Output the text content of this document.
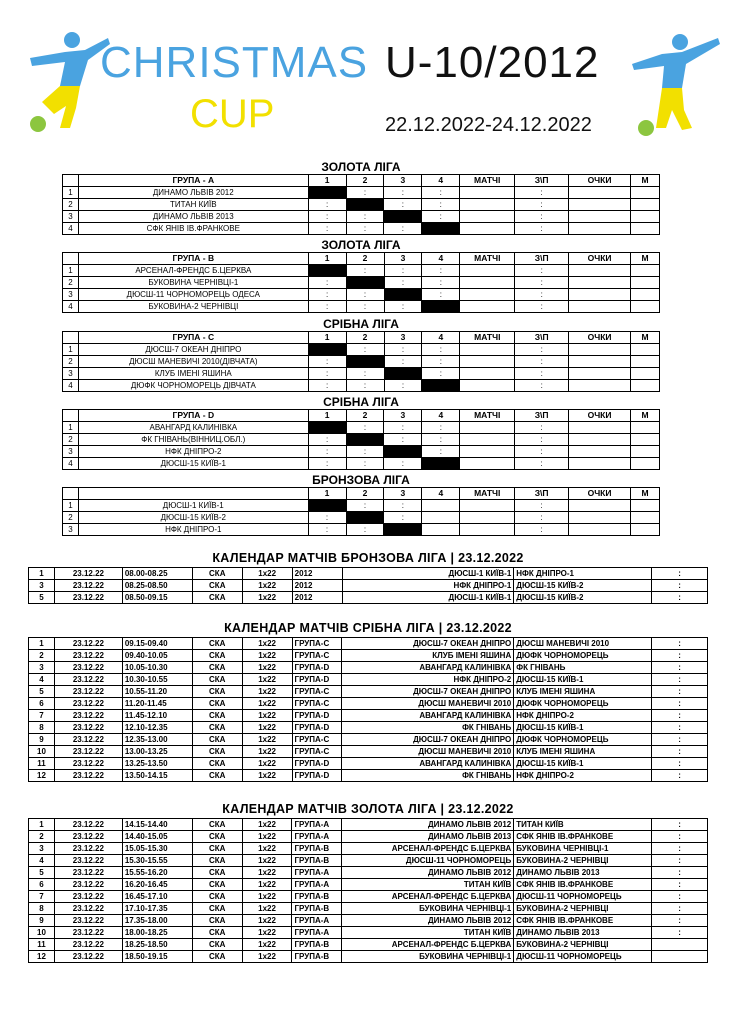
CHRISTMAS
CUP
U-10/2012
22.12.2022-24.12.2022
ЗОЛОТА ЛІГА
	ГРУПА - А	1	2	3	4	МАТЧІ	З\П	ОЧКИ	М
1	ДИНАМО ЛЬВІВ 2012		:	:	:		:		
2	ТИТАН КИЇВ	:		:	:		:		
3	ДИНАМО ЛЬВІВ 2013	:	:		:		:		
4	СФК ЯНІВ ІВ.ФРАНКОВЕ	:	:	:			:		
ЗОЛОТА ЛІГА
	ГРУПА - В	1	2	3	4	МАТЧІ	З\П	ОЧКИ	М
1	АРСЕНАЛ-ФРЕНДС Б.ЦЕРКВА		:	:	:		:		
2	БУКОВИНА ЧЕРНІВЦІ-1	:		:	:		:		
3	ДЮСШ-11 ЧОРНОМОРЕЦЬ ОДЕСА	:	:		:		:		
4	БУКОВИНА-2 ЧЕРНІВЦІ	:	:	:			:		
СРІБНА ЛІГА
	ГРУПА - С	1	2	3	4	МАТЧІ	З\П	ОЧКИ	М
1	ДЮСШ-7 ОКЕАН ДНІПРО		:	:	:		:		
2	ДЮСШ МАНЕВИЧІ 2010(ДІВЧАТА)	:		:	:		:		
3	КЛУБ ІМЕНІ ЯШИНА	:	:		:		:		
4	ДЮФК ЧОРНОМОРЕЦЬ ДІВЧАТА	:	:	:			:		
СРІБНА ЛІГА
	ГРУПА - D	1	2	3	4	МАТЧІ	З\П	ОЧКИ	М
1	АВАНГАРД КАЛИНІВКА		:	:	:		:		
2	ФК ГНІВАНЬ(ВІННИЦ.ОБЛ.)	:		:	:		:		
3	НФК ДНІПРО-2	:	:		:		:		
4	ДЮСШ-15 КИЇВ-1	:	:	:			:		
БРОНЗОВА ЛІГА
		1	2	3	4	МАТЧІ	З\П	ОЧКИ	М
1	ДЮСШ-1 КИЇВ-1		:	:			:		
2	ДЮСШ-15 КИЇВ-2	:		:			:		
3	НФК ДНІПРО-1	:	:				:		
КАЛЕНДАР МАТЧІВ БРОНЗОВА ЛІГА | 23.12.2022
1	23.12.22	08.00-08.25	СКА	1х22	2012	ДЮСШ-1 КИЇВ-1	НФК ДНІПРО-1	:
3	23.12.22	08.25-08.50	СКА	1х22	2012	НФК ДНІПРО-1	ДЮСШ-15 КИЇВ-2	:
5	23.12.22	08.50-09.15	СКА	1х22	2012	ДЮСШ-1 КИЇВ-1	ДЮСШ-15 КИЇВ-2	:
КАЛЕНДАР МАТЧІВ СРІБНА ЛІГА | 23.12.2022
1	23.12.22	09.15-09.40	СКА	1х22	ГРУПА-С	ДЮСШ-7 ОКЕАН ДНІПРО	ДЮСШ МАНЕВИЧІ 2010	:
2	23.12.22	09.40-10.05	СКА	1х22	ГРУПА-С	КЛУБ ІМЕНІ ЯШИНА	ДЮФК ЧОРНОМОРЕЦЬ	:
3	23.12.22	10.05-10.30	СКА	1х22	ГРУПА-D	АВАНГАРД КАЛИНІВКА	ФК ГНІВАНЬ	:
4	23.12.22	10.30-10.55	СКА	1х22	ГРУПА-D	НФК ДНІПРО-2	ДЮСШ-15 КИЇВ-1	:
5	23.12.22	10.55-11.20	СКА	1х22	ГРУПА-С	ДЮСШ-7 ОКЕАН ДНІПРО	КЛУБ ІМЕНІ ЯШИНА	:
6	23.12.22	11.20-11.45	СКА	1х22	ГРУПА-С	ДЮСШ МАНЕВИЧІ 2010	ДЮФК ЧОРНОМОРЕЦЬ	:
7	23.12.22	11.45-12.10	СКА	1х22	ГРУПА-D	АВАНГАРД КАЛИНІВКА	НФК ДНІПРО-2	:
8	23.12.22	12.10-12.35	СКА	1х22	ГРУПА-D	ФК ГНІВАНЬ	ДЮСШ-15 КИЇВ-1	:
9	23.12.22	12.35-13.00	СКА	1х22	ГРУПА-С	ДЮСШ-7 ОКЕАН ДНІПРО	ДЮФК ЧОРНОМОРЕЦЬ	:
10	23.12.22	13.00-13.25	СКА	1х22	ГРУПА-С	ДЮСШ МАНЕВИЧІ 2010	КЛУБ ІМЕНІ ЯШИНА	:
11	23.12.22	13.25-13.50	СКА	1х22	ГРУПА-D	АВАНГАРД КАЛИНІВКА	ДЮСШ-15 КИЇВ-1	:
12	23.12.22	13.50-14.15	СКА	1х22	ГРУПА-D	ФК ГНІВАНЬ	НФК ДНІПРО-2	:
КАЛЕНДАР МАТЧІВ ЗОЛОТА ЛІГА | 23.12.2022
1	23.12.22	14.15-14.40	СКА	1х22	ГРУПА-А	ДИНАМО ЛЬВІВ 2012	ТИТАН КИЇВ	:
2	23.12.22	14.40-15.05	СКА	1х22	ГРУПА-А	ДИНАМО ЛЬВІВ 2013	СФК ЯНІВ ІВ.ФРАНКОВЕ	:
3	23.12.22	15.05-15.30	СКА	1х22	ГРУПА-В	АРСЕНАЛ-ФРЕНДС Б.ЦЕРКВА	БУКОВИНА ЧЕРНІВЦІ-1	:
4	23.12.22	15.30-15.55	СКА	1х22	ГРУПА-В	ДЮСШ-11 ЧОРНОМОРЕЦЬ	БУКОВИНА-2 ЧЕРНІВЦІ	:
5	23.12.22	15.55-16.20	СКА	1х22	ГРУПА-А	ДИНАМО ЛЬВІВ 2012	ДИНАМО ЛЬВІВ 2013	:
6	23.12.22	16.20-16.45	СКА	1х22	ГРУПА-А	ТИТАН КИЇВ	СФК ЯНІВ ІВ.ФРАНКОВЕ	:
7	23.12.22	16.45-17.10	СКА	1х22	ГРУПА-В	АРСЕНАЛ-ФРЕНДС Б.ЦЕРКВА	ДЮСШ-11 ЧОРНОМОРЕЦЬ	:
8	23.12.22	17.10-17.35	СКА	1х22	ГРУПА-В	БУКОВИНА ЧЕРНІВЦІ-1	БУКОВИНА-2 ЧЕРНІВЦІ	:
9	23.12.22	17.35-18.00	СКА	1х22	ГРУПА-А	ДИНАМО ЛЬВІВ 2012	СФК ЯНІВ ІВ.ФРАНКОВЕ	:
10	23.12.22	18.00-18.25	СКА	1х22	ГРУПА-А	ТИТАН КИЇВ	ДИНАМО ЛЬВІВ 2013	:
11	23.12.22	18.25-18.50	СКА	1х22	ГРУПА-В	АРСЕНАЛ-ФРЕНДС Б.ЦЕРКВА	БУКОВИНА-2 ЧЕРНІВЦІ	
12	23.12.22	18.50-19.15	СКА	1х22	ГРУПА-В	БУКОВИНА ЧЕРНІВЦІ-1	ДЮСШ-11 ЧОРНОМОРЕЦЬ	
